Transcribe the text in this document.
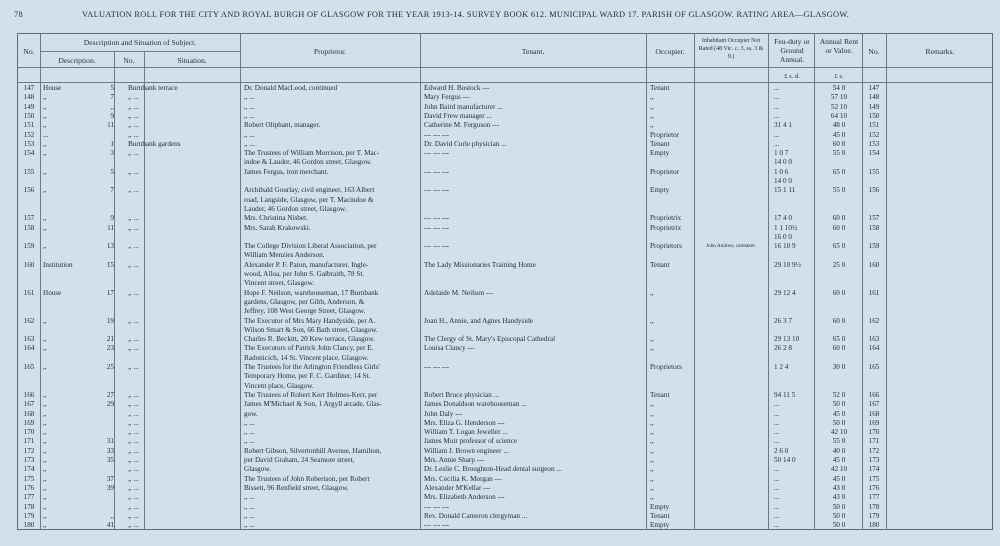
78	VALUATION ROLL FOR THE CITY AND ROYAL BURGH OF GLASGOW FOR THE YEAR 1913-14. SURVEY BOOK 612. MUNICIPAL WARD 17. PARISH OF GLASGOW. RATING AREA—GLASGOW.
No.
Description and Situation of Subject.
Description.	No.	Situation.
Proprietor.	Tenant.	Occupier.
Inhabitant Occupier Not Rated (48 Vic. c. 3, ss. 3 & 9.)
Feu-duty or Ground Annual.
Annual Rent or Value.	No.	Remarks.
£ s. d.	£ s.
147	House	5 Burnbank terrace	Dr. Donald MacLeod, continued	Edward H. Bostock ---	Tenant	...	54 0	147
148	,,	7 ,, ...	,, ...	Mary Fergus ---	,,	...	57 10	148
149	,,	,, ,, ...	,, ...	John Baird manufacturer ...	,,	...	52 10	149
150	,,	9 ,, ...	,, ...	David Frew manager ...	,,	...	64 10	150
151	,,	11 ,, ...	Robert Oliphant, manager.	Catherine M. Ferguson ---	,,	31 4 1	48 0	151
152	...	,, ...	,, ...	--- --- ---	Proprietor	...	45 0	152
153	,,	1 Burnbank gardens	,, ...	Dr. David Curle physician ...	Tenant	...	60 0	153
154	,,	3 ,, ...	The Trustees of William Morrison, per T. Mac-	--- --- ---	Empty	1 0 7	55 0	154
indoe & Lauder, 46 Gordon street, Glasgow.	14 0 0
155	,,	5 ,, ...	James Fergus, iron merchant.	--- --- ---	Proprietor	1 0 6	65 0	155
14 0 0
156	,,	7 ,, ...	Archibald Gourlay, civil engineer, 163 Albert	--- --- ---	Empty	15 1 11	55 0	156
road, Langside, Glasgow, per T. Macindoe &
Lauder, 46 Gordon street, Glasgow.
157	,,	9 ,, ...	Mrs. Christina Nisbet.	--- --- ---	Proprietrix	17 4 0	60 0	157
158	,,	11 ,, ...	Mrs. Sarah Krakowski.	--- --- ---	Proprietrix	1 1 10½	60 0	158
16 0 0
159	,,	13 ,, ...	The College Division Liberal Association, per	--- --- ---	Proprietors	John Andrew, caretaker.	16 10 9	65 0	159
William Menzies Anderson.
160	Institution	15 ,, ...	Alexander P. F. Paton, manufacturer, Ingle-	The Lady Missionaries Training Home	Tenant	29 10 9½	25 0	160
wood, Alloa, per John S. Galbraith, 78 St.
Vincent street, Glasgow.
161	House	17 ,, ...	Hope F. Neilson, warehouseman, 17 Burnbank	Adelaide M. Neilson ---	,,	29 12 4	60 0	161
gardens, Glasgow, per Gibb, Anderson, &
Jeffrey, 108 West George Street, Glasgow.
162	,,	19 ,, ...	The Executor of Mrs Mary Handyside, per A.	Joan H., Annie, and Agnes Handyside	,,	26 3 7	60 0	162
Wilson Smart & Son, 66 Bath street, Glasgow.
163	,,	21 ,, ...	Charles R. Beckitt, 20 Kew terrace, Glasgow.	The Clergy of St. Mary's Episcopal Cathedral	,,	29 13 10	65 0	163
164	,,	23 ,, ...	The Executors of Patrick John Clancy, per E.	Louisa Clancy ---	,,	26 2 8	60 0	164
Radonicich, 14 St. Vincent place, Glasgow.
165	,,	25 ,, ...	The Trustees for the Arlington Friendless Girls'	--- --- ---	Proprietors	1 2 4	30 0	165
Temporary Home, per F. C. Gardiner, 14 St.
Vincent place, Glasgow.
166	,,	27 ,, ...	The Trustees of Robert Kerr Holmes-Kerr, per	Robert Bruce physician ...	Tenant	94 11 5	52 0	166
167	,,	29 ,, ...	James M'Michael & Son, 1 Argyll arcade, Glas-	James Donaldson warehouseman ...	,,	...	50 0	167
168	,,	,, ...	gow.	John Daly ---	,,	...	45 0	168
169	,,	,, ...	,, ...	Mrs. Eliza G. Henderson ---	,,	...	50 0	169
170	,,	,, ...	,, ...	William T. Logan Jeweller ...	,,	...	42 10	170
171	,,	31 ,, ...	,, ...	James Muir professor of science	,,	...	55 0	171
172	,,	33 ,, ...	Robert Gibson, Silvertonhill Avenue, Hamilton,	William J. Brown engineer ...	,,	2 6 0	40 0	172
173	,,	35 ,, ...	per David Graham, 24 Seamore street,	Mrs. Annie Sharp ---	,,	50 14 0	45 0	173
174	,,	,, ...	Glasgow.	Dr. Leslie C. Broughton-Head dental surgeon ...	,,	...	42 10	174
175	,,	37 ,, ...	The Trustees of John Robertson, per Robert	Mrs. Cecilia K. Morgan ---	,,	...	45 0	175
176	,,	39 ,, ...	Bissett, 96 Renfield street, Glasgow.	Alexander M'Kellar ---	,,	...	43 0	176
177	,,	,, ...	,, ...	Mrs. Elizabeth Anderson ---	,,	...	43 0	177
178	,,	,, ...	,, ...	--- --- ---	Empty	...	50 0	178
179	,,	,, ,, ...	,, ...	Rev. Donald Cameron clergyman ...	Tenant	...	50 0	179
180	,,	41 ,, ...	,, ...	--- --- ---	Empty	...	50 0	180
